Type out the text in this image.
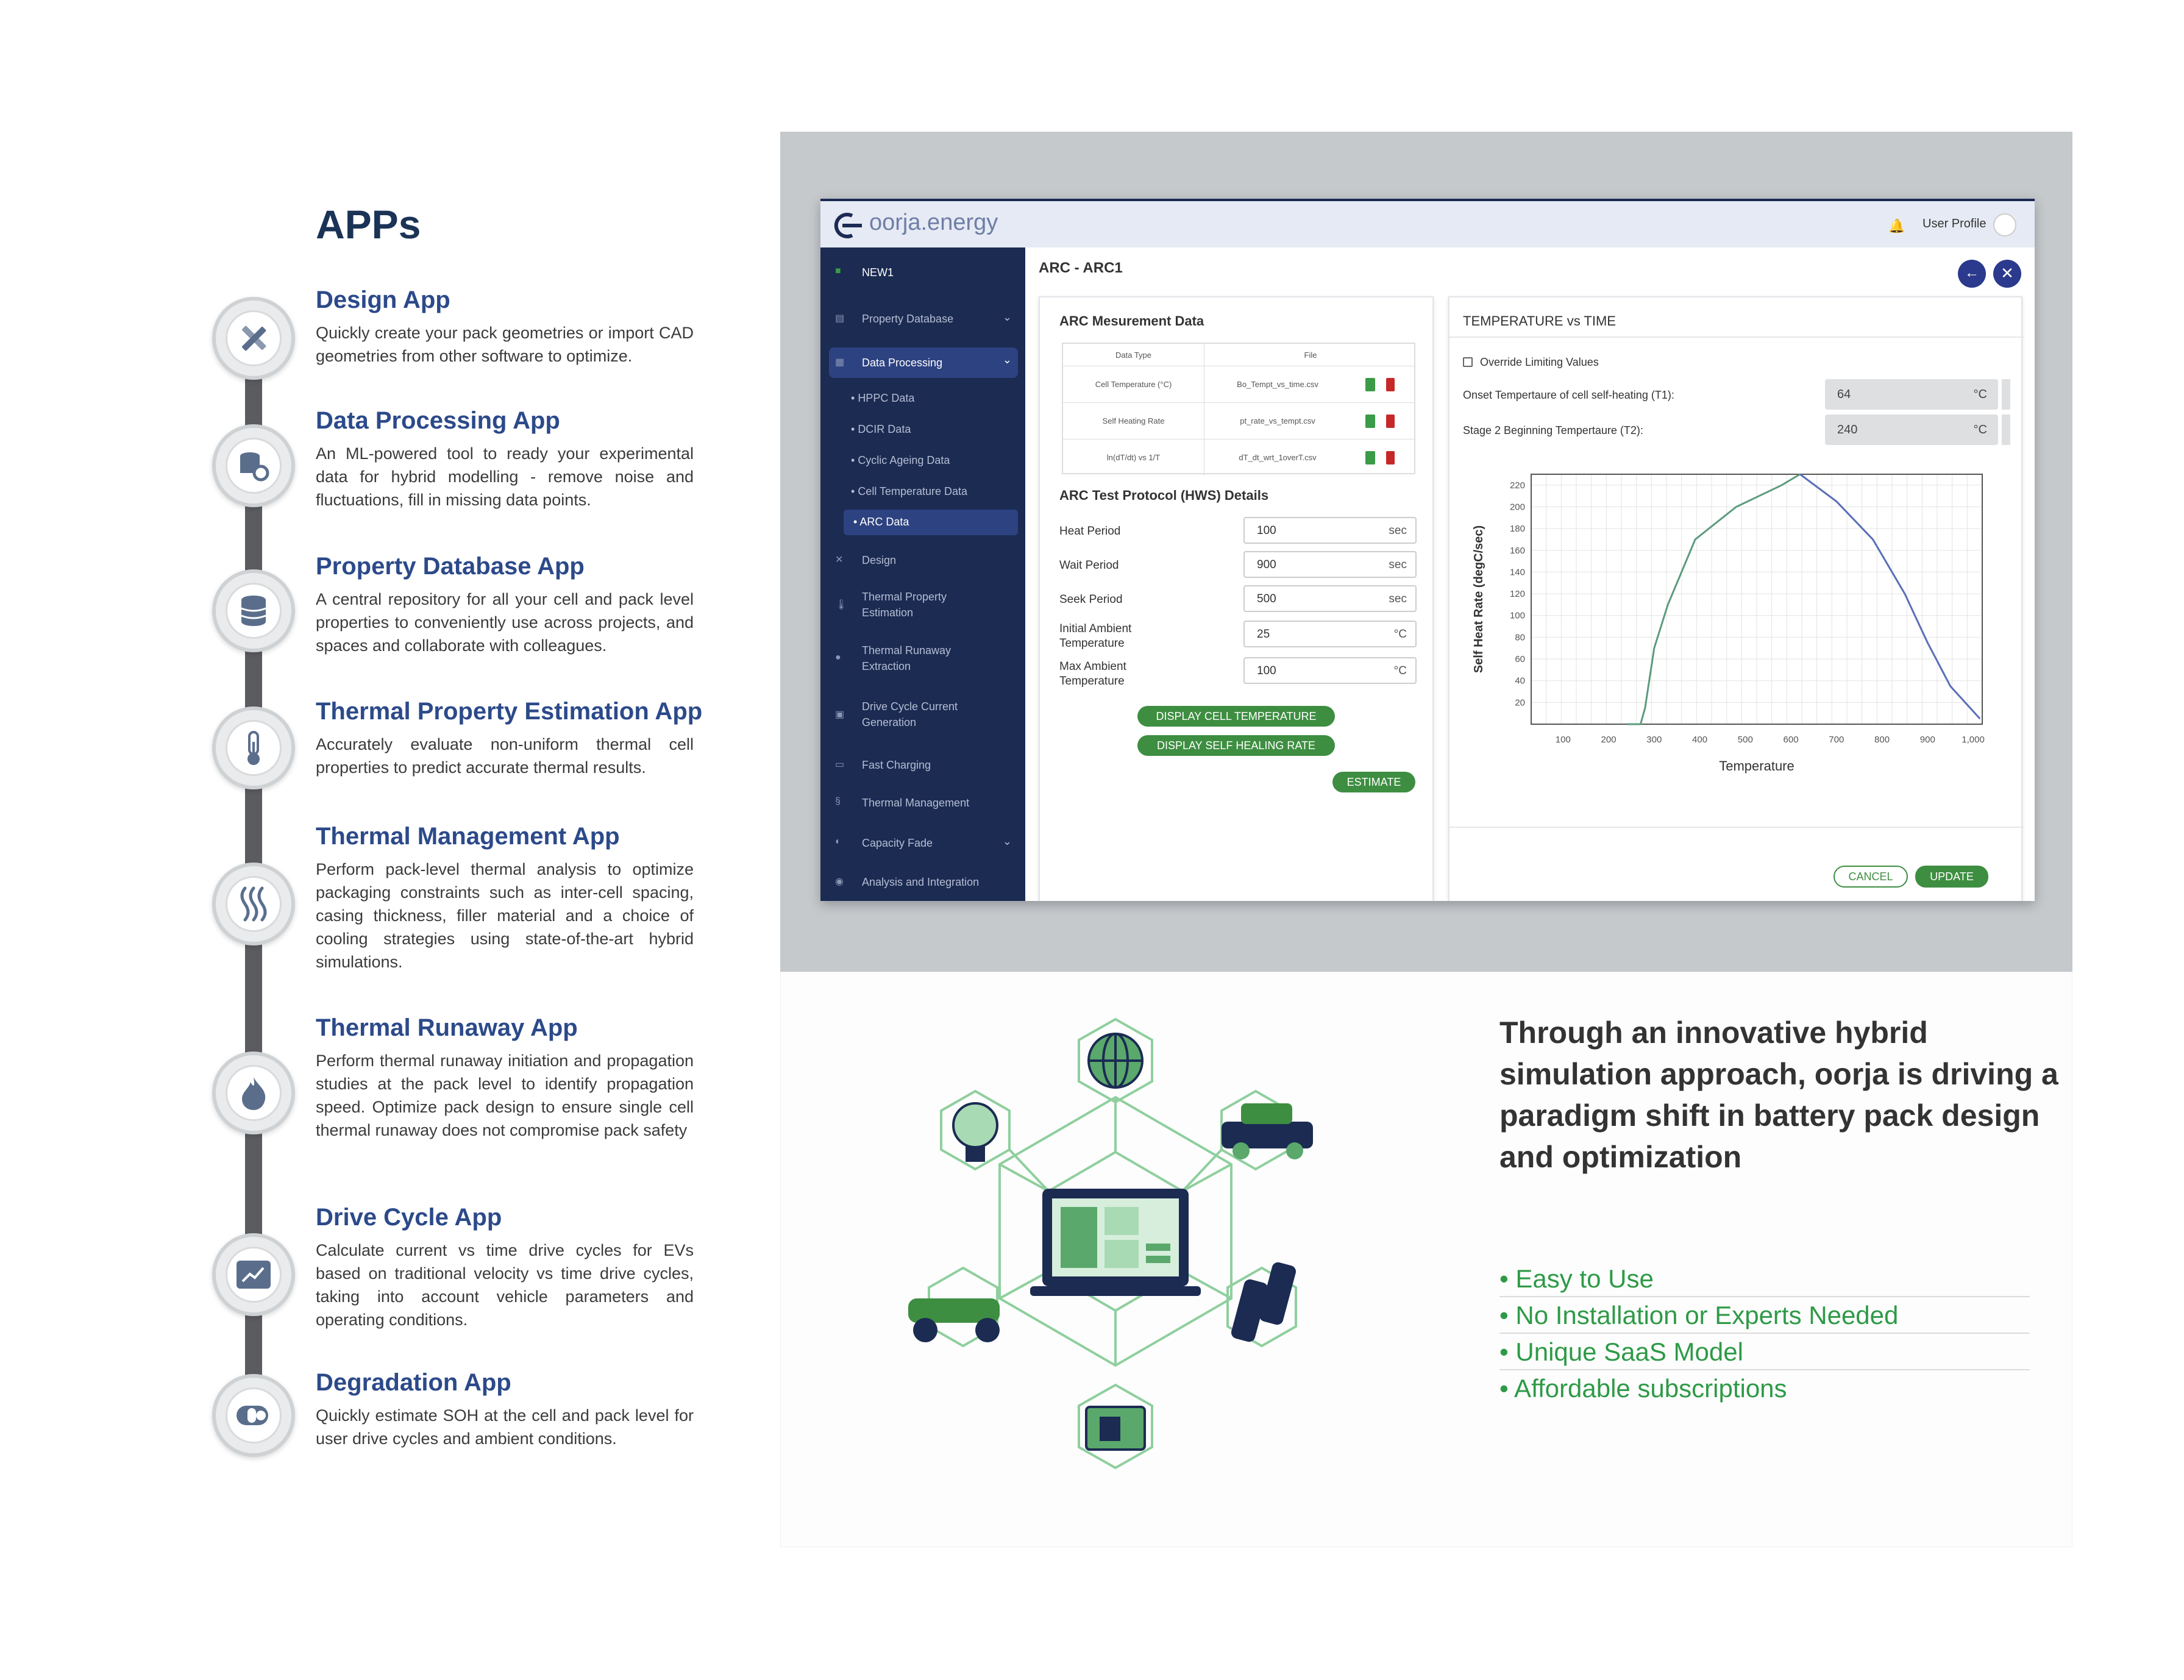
APPs
Design App

Quickly create your pack geometries or import CAD geometries from other software to optimize.

Data Processing App

An ML-powered tool to ready your experimental data for hybrid modelling - remove noise and fluctuations, fill in missing data points.

Property Database App

A central repository for all your cell and pack level properties to conveniently use across projects, and spaces and collaborate with colleagues.

Thermal Property Estimation App

Accurately evaluate non-uniform thermal cell properties to predict accurate thermal results.

Thermal Management App

Perform pack-level thermal analysis to optimize packaging constraints such as inter-cell spacing, casing thickness, filler material and a choice of cooling strategies using state-of-the-art hybrid simulations.

Thermal Runaway App

Perform thermal runaway initiation and propagation studies at the pack level to identify propagation speed. Optimize pack design to ensure single cell thermal runaway does not compromise pack safety

Drive Cycle App

Calculate current vs time drive cycles for EVs based on traditional velocity vs time drive cycles, taking into account vehicle parameters and operating conditions.

Degradation App

Quickly estimate SOH at the cell and pack level for user drive cycles and ambient conditions.

oorja.energy	🔔 User Profile
■ NEW1
▤ Property Database	⌄
▦ Data Processing	⌄
• HPPC Data
• DCIR Data
• Cyclic Ageing Data
• Cell Temperature Data
• ARC Data
✕ Design
🌡
Thermal Property Estimation
●
Thermal Runaway Extraction
▣
Drive Cycle Current Generation
▭ Fast Charging
§ Thermal Management
◐ Capacity Fade	⌄
◉ Analysis and Integration
ARC - ARC1	←	✕
ARC Mesurement Data
Data Type	File
Cell Temperature (°C)	Bo_Tempt_vs_time.csv
Self Heating Rate	pt_rate_vs_tempt.csv
ln(dT/dt) vs 1/T	dT_dt_wrt_1overT.csv
ARC Test Protocol (HWS) Details
Heat Period	100	sec
Wait Period	900	sec
Seek Period	500	sec
Initial Ambient Temperature
25	°C
Max Ambient Temperature
100	°C
DISPLAY CELL TEMPERATURE
DISPLAY SELF HEALING RATE
ESTIMATE
TEMPERATURE vs TIME
Override Limiting Values
Onset Tempertaure of cell self-heating (T1):	64	°C
Stage 2 Beginning Tempertaure (T2):	240	°C
100	200	300	400	500	600	700	800	900	1,000
20
40
60
80
100
120
140
160
180
200
220
Temperature
Self Heat Rate (degC/sec)
CANCEL	UPDATE
Through an innovative hybrid simulation approach, oorja is driving a paradigm shift in battery pack design and optimization
• Easy to Use
• No Installation or Experts Needed
• Unique SaaS Model
• Affordable subscriptions
